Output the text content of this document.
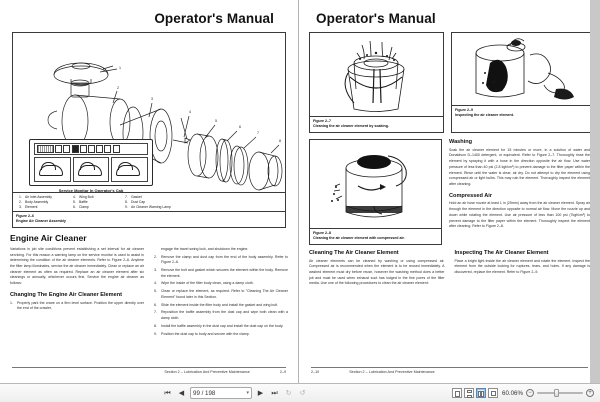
Operator's Manual
1
2
3
4
5
6
7
8
Service Monitor In Operator's Cab
1. Air Inlet Assembly
2. Body Assembly
3. Element
4. Wing Bolt
5. Baffle
6. Clamp
7. Gasket
8. Dust Cap
9. Air Cleaner Warning Lamp
Figure 2–6
Engine Air Cleaner Assembly
Engine Air Cleaner

Variations in job site conditions prevent establishing a set interval for air cleaner servicing. For this reason a warning lamp on the service monitor is used to assist in determining the condition of the air cleaner elements. Refer to Figure 2–6. Anytime the filter lamp illuminates, service the air cleaner immediately. Clean or replace an air cleaner element as often as required. Replace an air cleaner element after six cleanings or annually, whichever occurs first. Service the engine air cleaner as follows:

Changing The Engine Air Cleaner Element
1. Properly park the crane on a firm level surface. Position the upper directly over the end of the crawler,
engage the travel swing lock, and shutdown the engine.
2. Remove the clamp and dust cap from the end of the body assembly. Refer to Figure 2–6.
3. Remove the bolt and gasket which secures the element within the body. Remove the element.
4. Wipe the inside of the filter body clean, using a damp cloth.
5. Clean or replace the element, as required. Refer to "Cleaning The Air Cleaner Element" found later in this Section.
6. Slide the element inside the filter body and install the gasket and wing bolt.
7. Reposition the baffle assembly from the dust cap and wipe both clean with a damp cloth.
8. Install the baffle assembly in the dust cap and install the dust cap on the body.
9. Position the dust cap to body and secure with the clamp.
Section 2 – Lubrication And Preventive Maintenance	2–9
Operator's Manual
Figure 2–7
Cleaning the air cleaner element by soaking.
Figure 2–9
Inspecting the air cleaner element.
Figure 2–8
Cleaning the air cleaner element with compressed air.
Washing

Soak the air cleaner element for 15 minutes or more, in a solution of water and Donaldson D–1400 detergent, or equivalent. Refer to Figure 2–7. Thoroughly rinse the element by spraying it with a hose in the direction opposite the air flow. Use water pressure of less than 40 psi (2.8 kgf/cm²) to prevent damage to the filter paper within the element. Rinse until the water is clear; air dry. Do not attempt to dry the element using compressed air or light bulbs. This may ruin the element. Thoroughly inspect the element after cleaning.

Compressed Air

Hold an air hose nozzle at least 1 in (25mm) away from the air cleaner element. Spray air through the element in the direction opposite to normal air flow. Move the nozzle up and down while rotating the element. Use air pressure of less than 100 psi (7kgf/cm²) to prevent damage to the filter paper within the element. Thoroughly inspect the element after cleaning. Refer to Figure 2–8.

Cleaning The Air Cleaner Element

Air cleaner elements can be cleaned by washing or using compressed air. Compressed air is recommended when the element is to be reused immediately. A washed element must dry before reuse, however the washing method does a better job and must be used when exhaust soot has lodged in the fine pores of the filter media. Use one of the following procedures to clean the air cleaner element:

Inspecting The Air Cleaner Element

Place a bright light inside the air cleaner element and rotate the element. Inspect the element from the outside looking for ruptures, tears, and holes. If any damage is discovered, replace the element. Refer to Figure 2–9.

2–10	Section 2 – Lubrication And Preventive Maintenance
⏮	◀	99 / 198	▾	▶	⏭	↻	↺	60.06% −	+
